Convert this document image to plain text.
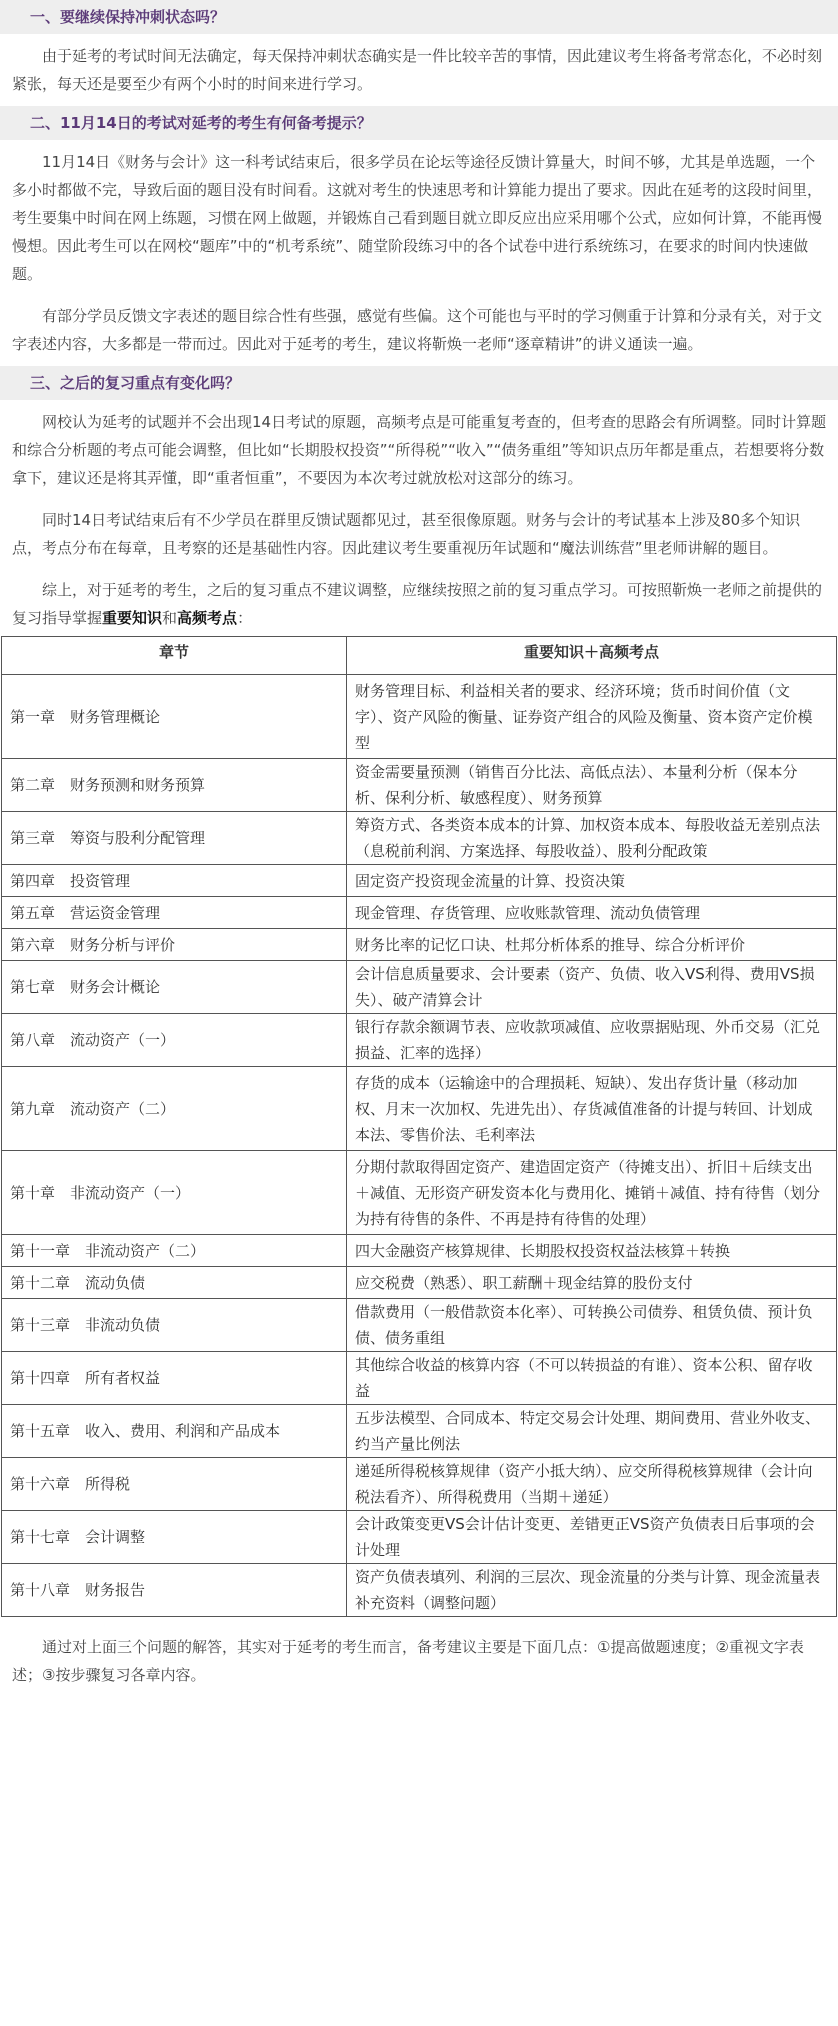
一、要继续保持冲刺状态吗？

由于延考的考试时间无法确定，每天保持冲刺状态确实是一件比较辛苦的事情，因此建议考生将备考常态化，不必时刻紧张，每天还是要至少有两个小时的时间来进行学习。

二、11月14日的考试对延考的考生有何备考提示？

11月14日《财务与会计》这一科考试结束后，很多学员在论坛等途径反馈计算量大，时间不够，尤其是单选题，一个多小时都做不完，导致后面的题目没有时间看。这就对考生的快速思考和计算能力提出了要求。因此在延考的这段时间里，考生要集中时间在网上练题，习惯在网上做题，并锻炼自己看到题目就立即反应出应采用哪个公式，应如何计算，不能再慢慢想。因此考生可以在网校“题库”中的“机考系统”、随堂阶段练习中的各个试卷中进行系统练习，在要求的时间内快速做题。

有部分学员反馈文字表述的题目综合性有些强，感觉有些偏。这个可能也与平时的学习侧重于计算和分录有关，对于文字表述内容，大多都是一带而过。因此对于延考的考生，建议将靳焕一老师“逐章精讲”的讲义通读一遍。

三、之后的复习重点有变化吗？

网校认为延考的试题并不会出现14日考试的原题，高频考点是可能重复考查的，但考查的思路会有所调整。同时计算题和综合分析题的考点可能会调整，但比如“长期股权投资”“所得税”“收入”“债务重组”等知识点历年都是重点，若想要将分数拿下，建议还是将其弄懂，即“重者恒重”，不要因为本次考过就放松对这部分的练习。

同时14日考试结束后有不少学员在群里反馈试题都见过，甚至很像原题。财务与会计的考试基本上涉及80多个知识点，考点分布在每章，且考察的还是基础性内容。因此建议考生要重视历年试题和“魔法训练营”里老师讲解的题目。

综上，对于延考的考生，之后的复习重点不建议调整，应继续按照之前的复习重点学习。可按照靳焕一老师之前提供的复习指导掌握重要知识和高频考点：

章节	重要知识＋高频考点
第一章　财务管理概论	财务管理目标、利益相关者的要求、经济环境；货币时间价值（文字）、资产风险的衡量、证券资产组合的风险及衡量、资本资产定价模型
第二章　财务预测和财务预算	资金需要量预测（销售百分比法、高低点法）、本量利分析（保本分析、保利分析、敏感程度）、财务预算
第三章　筹资与股利分配管理	筹资方式、各类资本成本的计算、加权资本成本、每股收益无差别点法（息税前利润、方案选择、每股收益）、股利分配政策
第四章　投资管理	固定资产投资现金流量的计算、投资决策
第五章　营运资金管理	现金管理、存货管理、应收账款管理、流动负债管理
第六章　财务分析与评价	财务比率的记忆口诀、杜邦分析体系的推导、综合分析评价
第七章　财务会计概论	会计信息质量要求、会计要素（资产、负债、收入VS利得、费用VS损失）、破产清算会计
第八章　流动资产（一）	银行存款余额调节表、应收款项减值、应收票据贴现、外币交易（汇兑损益、汇率的选择）
第九章　流动资产（二）	存货的成本（运输途中的合理损耗、短缺）、发出存货计量（移动加权、月末一次加权、先进先出）、存货减值准备的计提与转回、计划成本法、零售价法、毛利率法
第十章　非流动资产（一）	分期付款取得固定资产、建造固定资产（待摊支出）、折旧＋后续支出＋减值、无形资产研发资本化与费用化、摊销＋减值、持有待售（划分为持有待售的条件、不再是持有待售的处理）
第十一章　非流动资产（二）	四大金融资产核算规律、长期股权投资权益法核算＋转换
第十二章　流动负债	应交税费（熟悉）、职工薪酬＋现金结算的股份支付
第十三章　非流动负债	借款费用（一般借款资本化率）、可转换公司债券、租赁负债、预计负债、债务重组
第十四章　所有者权益	其他综合收益的核算内容（不可以转损益的有谁）、资本公积、留存收益
第十五章　收入、费用、利润和产品成本	五步法模型、合同成本、特定交易会计处理、期间费用、营业外收支、约当产量比例法
第十六章　所得税	递延所得税核算规律（资产小抵大纳）、应交所得税核算规律（会计向税法看齐）、所得税费用（当期＋递延）
第十七章　会计调整	会计政策变更VS会计估计变更、差错更正VS资产负债表日后事项的会计处理
第十八章　财务报告	资产负债表填列、利润的三层次、现金流量的分类与计算、现金流量表补充资料（调整问题）

通过对上面三个问题的解答，其实对于延考的考生而言，备考建议主要是下面几点：①提高做题速度；②重视文字表述；③按步骤复习各章内容。
